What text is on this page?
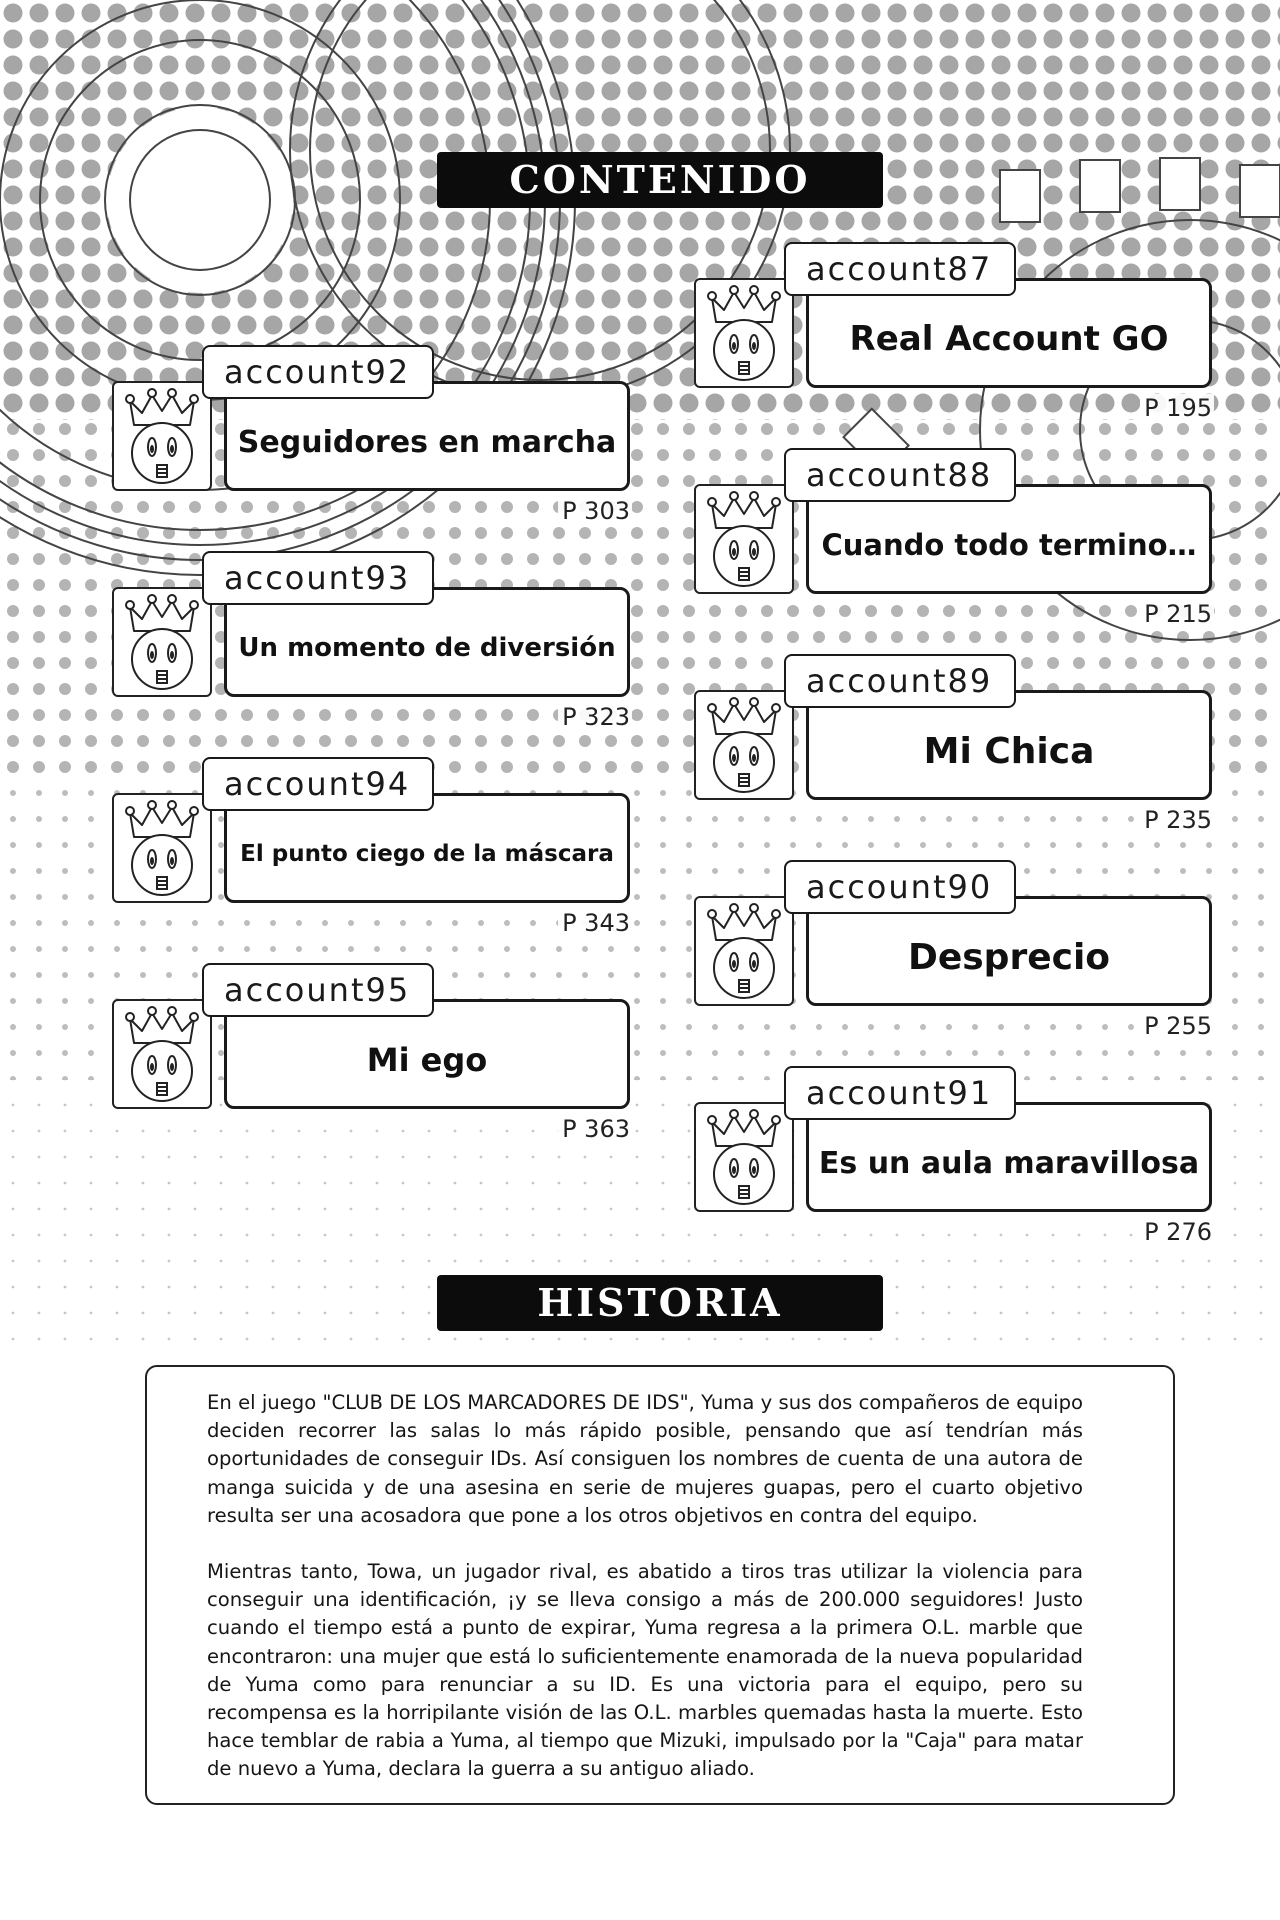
CONTENIDO
HISTORIA
Real Account GO
account87
P 195
Cuando todo termino…
account88
P 215
Mi Chica
account89
P 235
Desprecio
account90
P 255
Es un aula maravillosa
account91
P 276
Seguidores en marcha
account92
P 303
Un momento de diversión
account93
P 323
El punto ciego de la máscara
account94
P 343
Mi ego
account95
P 363

En el juego "CLUB DE LOS MARCADORES DE IDS", Yuma y sus dos compañeros de equipo deciden recorrer las salas lo más rápido posible, pensando que así tendrían más oportunidades de conseguir IDs. Así consiguen los nombres de cuenta de una autora de manga suicida y de una asesina en serie de mujeres guapas, pero el cuarto objetivo resulta ser una acosadora que pone a los otros objetivos en contra del equipo.

Mientras tanto, Towa, un jugador rival, es abatido a tiros tras utilizar la violencia para conseguir una identificación, ¡y se lleva consigo a más de 200.000 seguidores! Justo cuando el tiempo está a punto de expirar, Yuma regresa a la primera O.L. marble que encontraron: una mujer que está lo suficientemente enamorada de la nueva popularidad de Yuma como para renunciar a su ID. Es una victoria para el equipo, pero su recompensa es la horripilante visión de las O.L. marbles quemadas hasta la muerte. Esto hace temblar de rabia a Yuma, al tiempo que Mizuki, impulsado por la "Caja" para matar de nuevo a Yuma, declara la guerra a su antiguo aliado.
